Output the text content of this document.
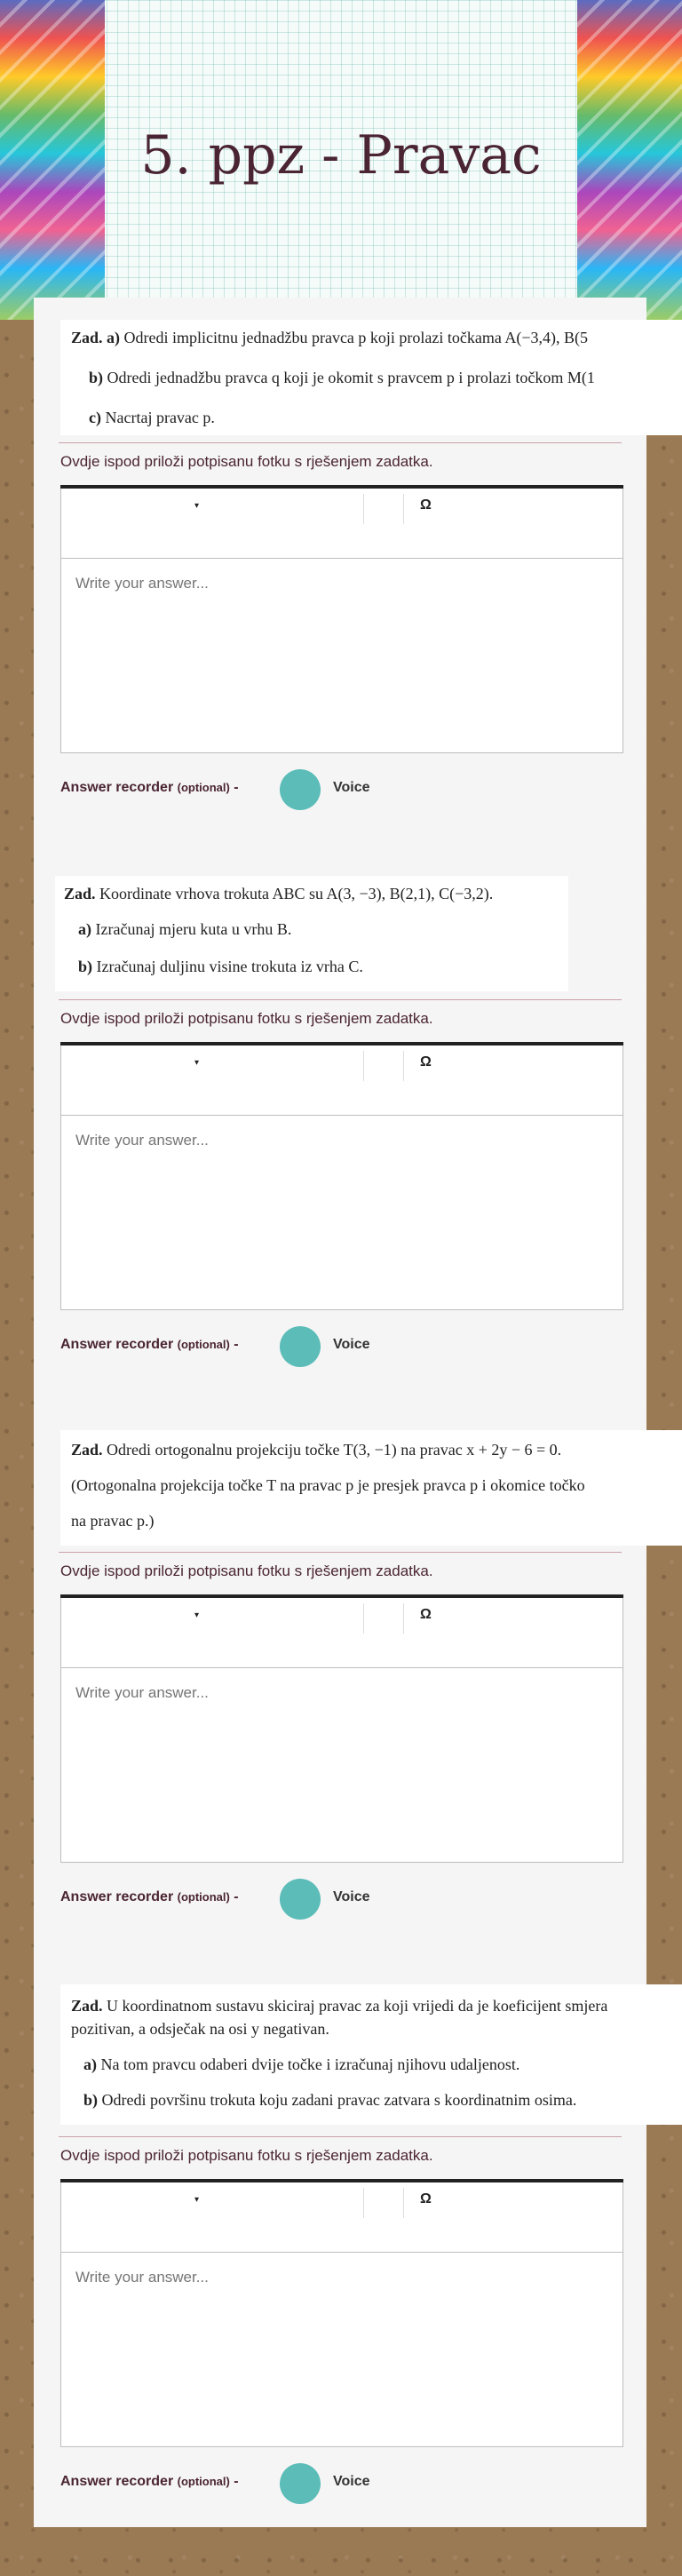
5. ppz - Pravac
Zad. a) Odredi implicitnu jednadžbu pravca p koji prolazi točkama A(−3,4), B(5
b) Odredi jednadžbu pravca q koji je okomit s pravcem p i prolazi točkom M(1
c) Nacrtaj pravac p.
Ovdje ispod priloži potpisanu fotku s rješenjem zadatka.
▾	Ω
Write your answer...
Answer recorder (optional) -	Voice
Zad. Koordinate vrhova trokuta ABC su A(3, −3), B(2,1), C(−3,2).
a) Izračunaj mjeru kuta u vrhu B.
b) Izračunaj duljinu visine trokuta iz vrha C.
Ovdje ispod priloži potpisanu fotku s rješenjem zadatka.
▾	Ω
Write your answer...
Answer recorder (optional) -	Voice
Zad. Odredi ortogonalnu projekciju točke T(3, −1) na pravac x + 2y − 6 = 0.
(Ortogonalna projekcija točke T na pravac p je presjek pravca p i okomice točko
na pravac p.)
Ovdje ispod priloži potpisanu fotku s rješenjem zadatka.
▾	Ω
Write your answer...
Answer recorder (optional) -	Voice
Zad. U koordinatnom sustavu skiciraj pravac za koji vrijedi da je koeficijent smjera
pozitivan, a odsječak na osi y negativan.
a) Na tom pravcu odaberi dvije točke i izračunaj njihovu udaljenost.
b) Odredi površinu trokuta koju zadani pravac zatvara s koordinatnim osima.
Ovdje ispod priloži potpisanu fotku s rješenjem zadatka.
▾	Ω
Write your answer...
Answer recorder (optional) -	Voice
